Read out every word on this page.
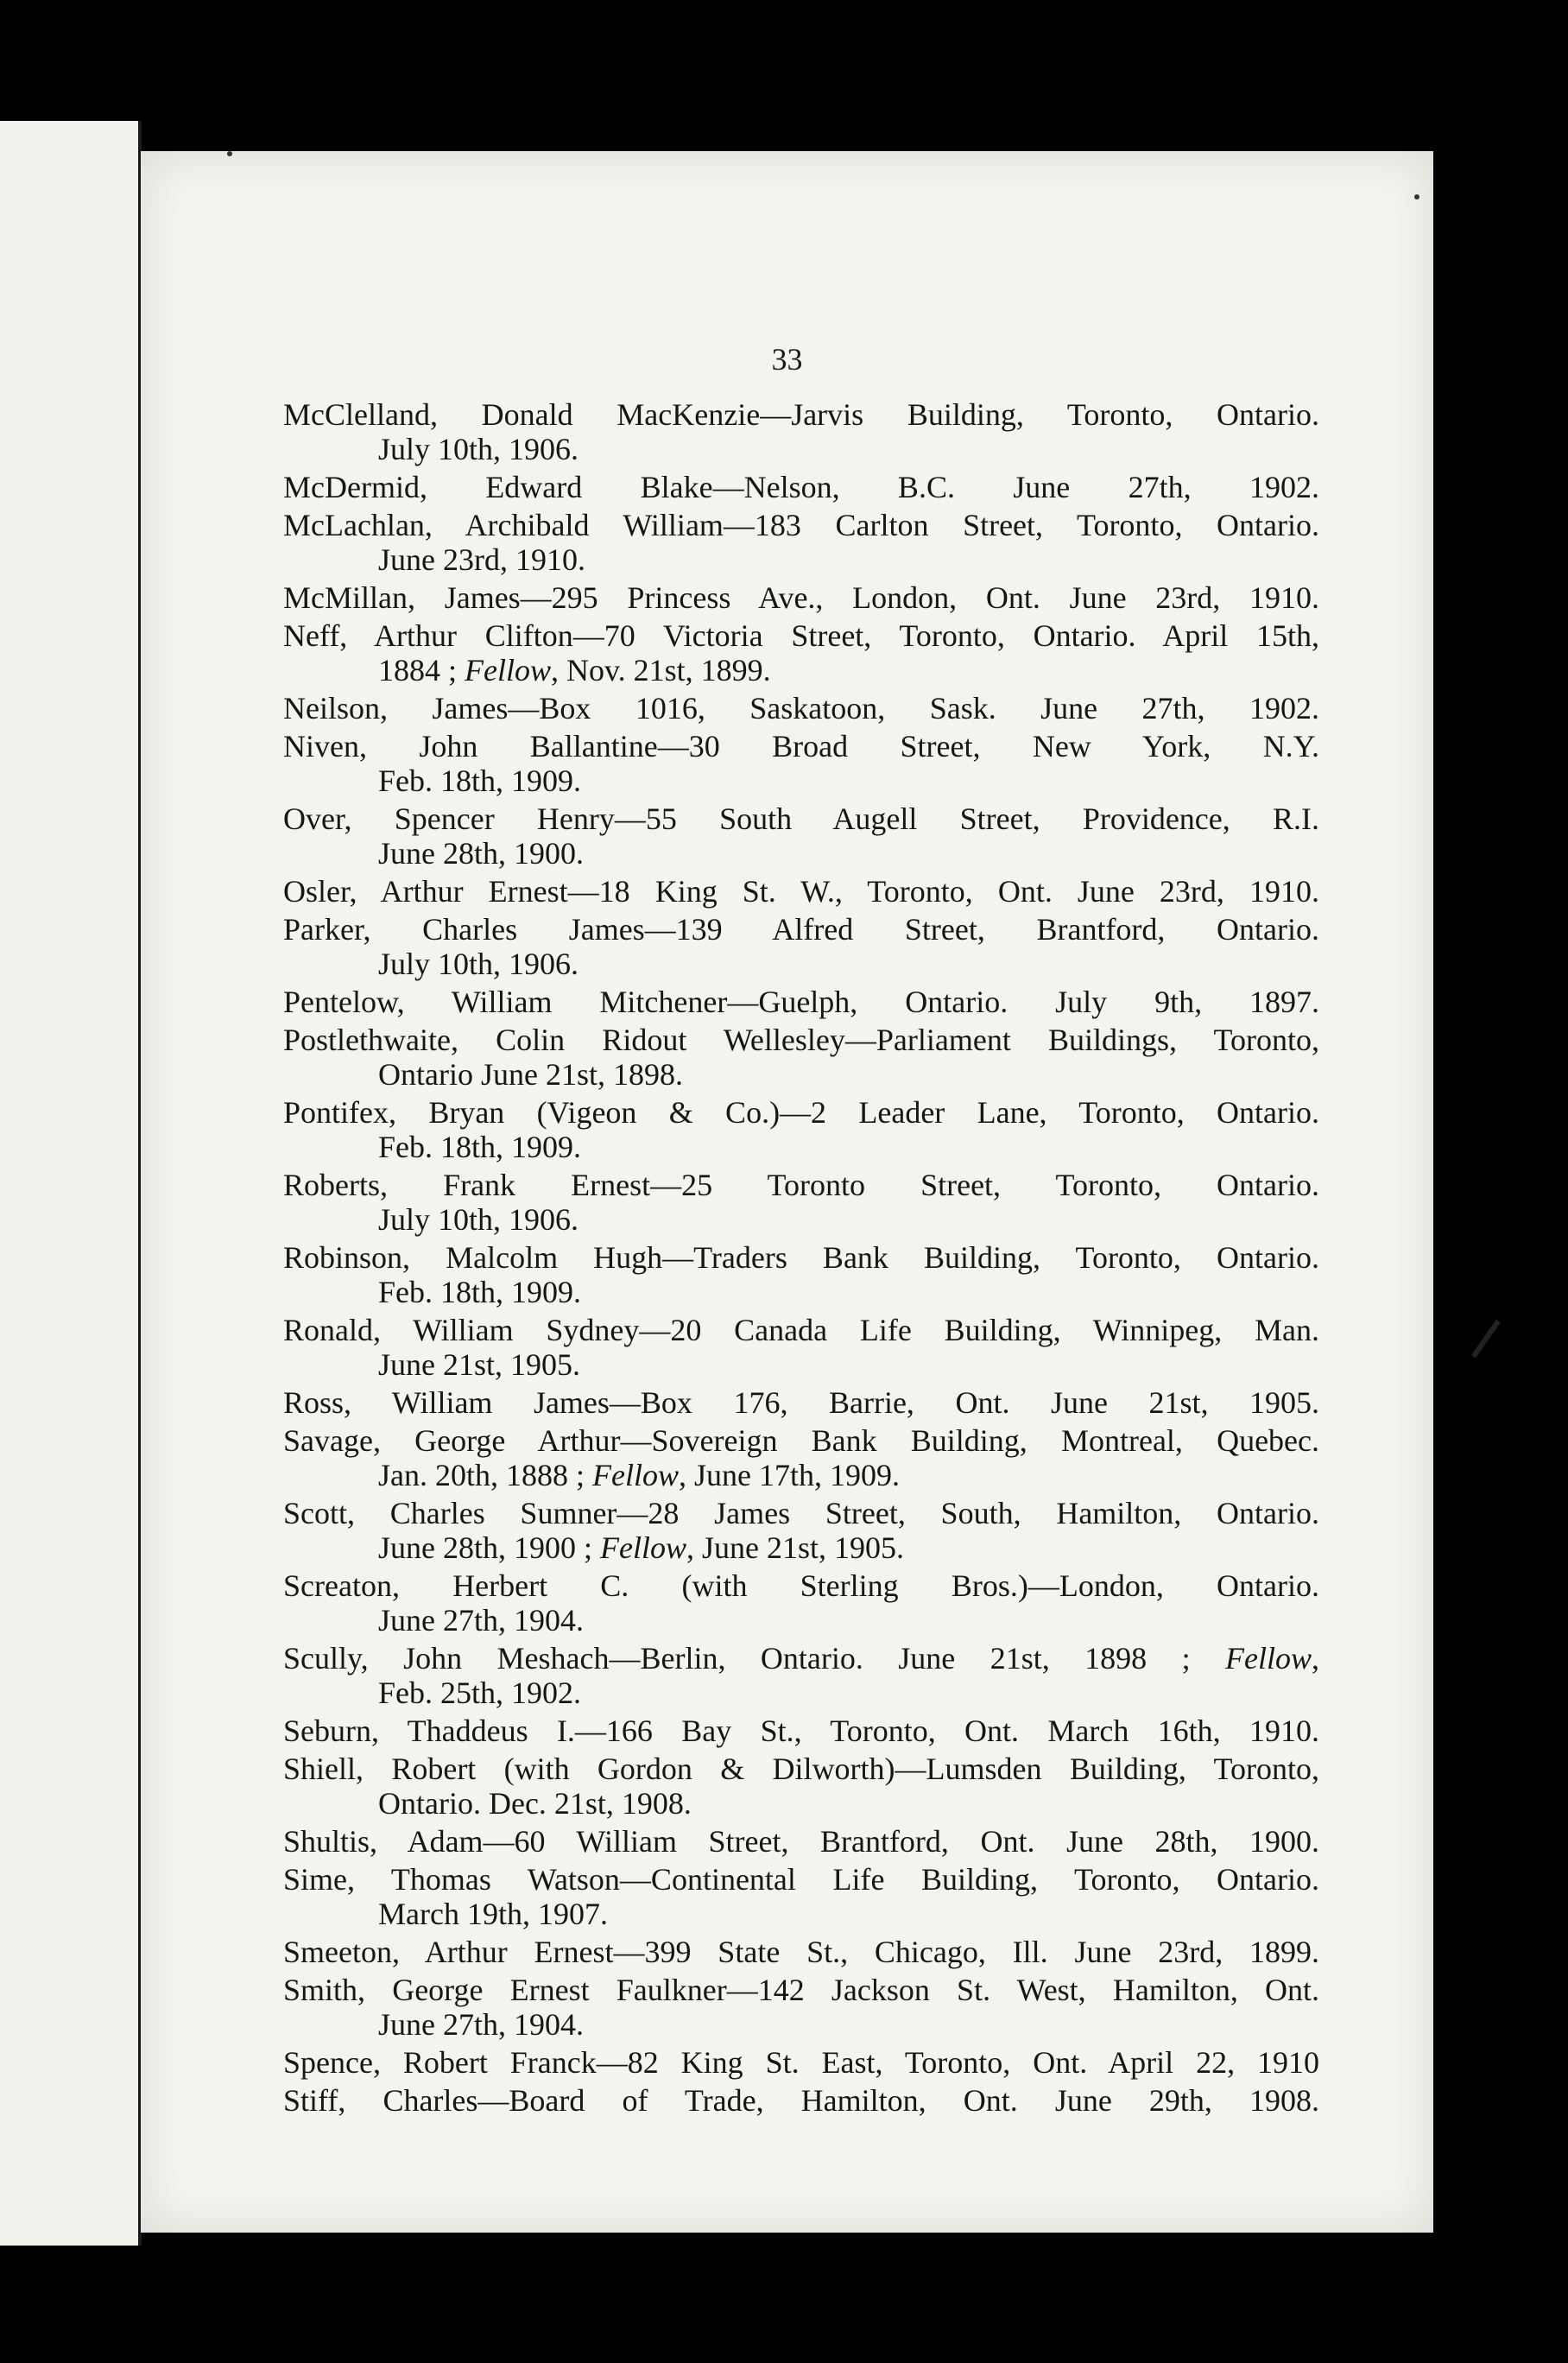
33
McClelland, Donald MacKenzie—Jarvis Building, Toronto, Ontario.
July 10th, 1906.
McDermid, Edward Blake—Nelson, B.C. June 27th, 1902.
McLachlan, Archibald William—183 Carlton Street, Toronto, Ontario.
June 23rd, 1910.
McMillan, James—295 Princess Ave., London, Ont. June 23rd, 1910.
Neff, Arthur Clifton—70 Victoria Street, Toronto, Ontario. April 15th,
1884 ; Fellow, Nov. 21st, 1899.
Neilson, James—Box 1016, Saskatoon, Sask. June 27th, 1902.
Niven, John Ballantine—30 Broad Street, New York, N.Y.
Feb. 18th, 1909.
Over, Spencer Henry—55 South Augell Street, Providence, R.I.
June 28th, 1900.
Osler, Arthur Ernest—18 King St. W., Toronto, Ont. June 23rd, 1910.
Parker, Charles James—139 Alfred Street, Brantford, Ontario.
July 10th, 1906.
Pentelow, William Mitchener—Guelph, Ontario. July 9th, 1897.
Postlethwaite, Colin Ridout Wellesley—Parliament Buildings, Toronto,
Ontario June 21st, 1898.
Pontifex, Bryan (Vigeon & Co.)—2 Leader Lane, Toronto, Ontario.
Feb. 18th, 1909.
Roberts, Frank Ernest—25 Toronto Street, Toronto, Ontario.
July 10th, 1906.
Robinson, Malcolm Hugh—Traders Bank Building, Toronto, Ontario.
Feb. 18th, 1909.
Ronald, William Sydney—20 Canada Life Building, Winnipeg, Man.
June 21st, 1905.
Ross, William James—Box 176, Barrie, Ont. June 21st, 1905.
Savage, George Arthur—Sovereign Bank Building, Montreal, Quebec.
Jan. 20th, 1888 ; Fellow, June 17th, 1909.
Scott, Charles Sumner—28 James Street, South, Hamilton, Ontario.
June 28th, 1900 ; Fellow, June 21st, 1905.
Screaton, Herbert C. (with Sterling Bros.)—London, Ontario.
June 27th, 1904.
Scully, John Meshach—Berlin, Ontario. June 21st, 1898 ; Fellow,
Feb. 25th, 1902.
Seburn, Thaddeus I.—166 Bay St., Toronto, Ont. March 16th, 1910.
Shiell, Robert (with Gordon & Dilworth)—Lumsden Building, Toronto,
Ontario. Dec. 21st, 1908.
Shultis, Adam—60 William Street, Brantford, Ont. June 28th, 1900.
Sime, Thomas Watson—Continental Life Building, Toronto, Ontario.
March 19th, 1907.
Smeeton, Arthur Ernest—399 State St., Chicago, Ill. June 23rd, 1899.
Smith, George Ernest Faulkner—142 Jackson St. West, Hamilton, Ont.
June 27th, 1904.
Spence, Robert Franck—82 King St. East, Toronto, Ont. April 22, 1910
Stiff, Charles—Board of Trade, Hamilton, Ont. June 29th, 1908.
